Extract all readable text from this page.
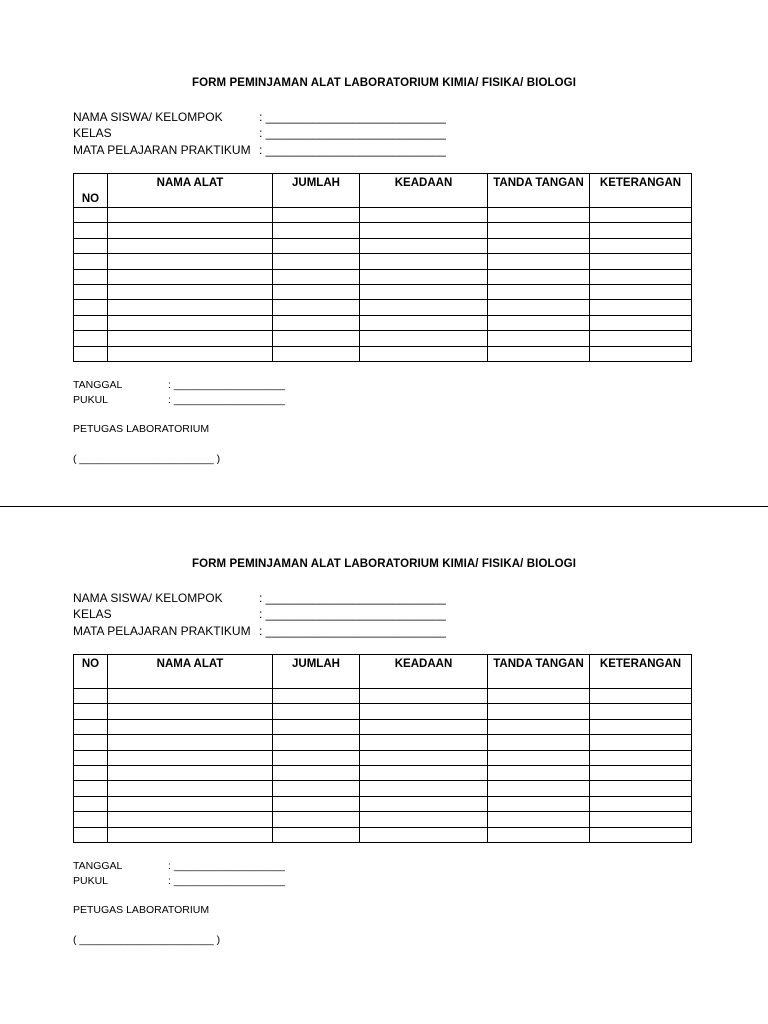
FORM PEMINJAMAN ALAT LABORATORIUM KIMIA/ FISIKA/ BIOLOGI
NAMA SISWA/ KELOMPOK	: ___________________________
KELAS	: ___________________________
MATA PELAJARAN PRAKTIKUM : ___________________________
NO	NAMA ALAT	JUMLAH	KEADAAN	TANDA TANGAN	KETERANGAN

TANGGAL	: ___________________
PUKUL	: ___________________
PETUGAS LABORATORIUM
( _______________________ )
FORM PEMINJAMAN ALAT LABORATORIUM KIMIA/ FISIKA/ BIOLOGI
NAMA SISWA/ KELOMPOK	: ___________________________
KELAS	: ___________________________
MATA PELAJARAN PRAKTIKUM : ___________________________
NO	NAMA ALAT	JUMLAH	KEADAAN	TANDA TANGAN	KETERANGAN

TANGGAL	: ___________________
PUKUL	: ___________________
PETUGAS LABORATORIUM
( _______________________ )
